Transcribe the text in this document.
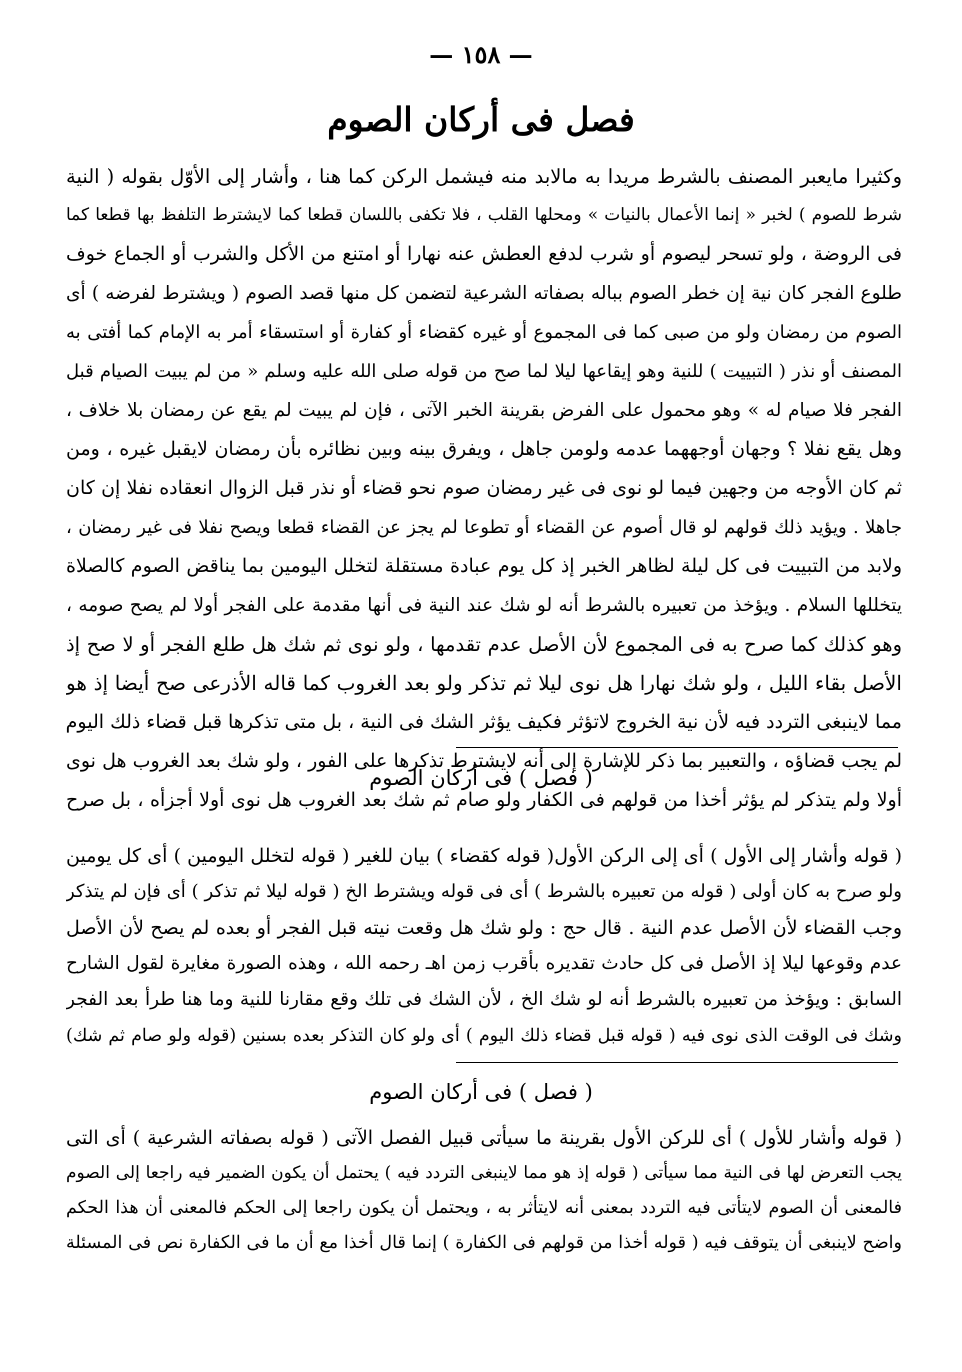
— ١٥٨ —
فصل فى أركان الصوم
وكثيرا مايعبر المصنف بالشرط مريدا به مالابد منه فيشمل الركن كما هنا ، وأشار إلى الأوّل بقوله ( النية
شرط للصوم ) لخبر « إنما الأعمال بالنيات » ومحلها القلب ، فلا تكفى باللسان قطعا كما لايشترط التلفظ بها قطعا كما
فى الروضة ، ولو تسحر ليصوم أو شرب لدفع العطش عنه نهارا أو امتنع من الأكل والشرب أو الجماع خوف
طلوع الفجر كان نية إن خطر الصوم بباله بصفاته الشرعية لتضمن كل منها قصد الصوم ( ويشترط لفرضه ) أى
الصوم من رمضان ولو من صبى كما فى المجموع أو غيره كقضاء أو كفارة أو استسقاء أمر به الإمام كما أفتى به
المصنف أو نذر ( التبييت ) للنية وهو إيقاعها ليلا لما صح من قوله صلى الله عليه وسلم « من لم يبيت الصيام قبل
الفجر فلا صيام له » وهو محمول على الفرض بقرينة الخبر الآتى ، فإن لم يبيت لم يقع عن رمضان بلا خلاف ،
وهل يقع نفلا ؟ وجهان أوجههما عدمه ولومن جاهل ، ويفرق بينه وبين نظائره بأن رمضان لايقبل غيره ، ومن
ثم كان الأوجه من وجهين فيما لو نوى فى غير رمضان صوم نحو قضاء أو نذر قبل الزوال انعقاده نفلا إن كان
جاهلا . ويؤيد ذلك قولهم لو قال أصوم عن القضاء أو تطوعا لم يجز عن القضاء قطعا ويصح نفلا فى غير رمضان ،
ولابد من التبييت فى كل ليلة لظاهر الخبر إذ كل يوم عبادة مستقلة لتخلل اليومين بما يناقض الصوم كالصلاة
يتخللها السلام . ويؤخذ من تعبيره بالشرط أنه لو شك عند النية فى أنها مقدمة على الفجر أولا لم يصح صومه ،
وهو كذلك كما صرح به فى المجموع لأن الأصل عدم تقدمها ، ولو نوى ثم شك هل طلع الفجر أو لا صح إذ
الأصل بقاء الليل ، ولو شك نهارا هل نوى ليلا ثم تذكر ولو بعد الغروب كما قاله الأذرعى صح أيضا إذ هو
مما لاينبغى التردد فيه لأن نية الخروج لاتؤثر فكيف يؤثر الشك فى النية ، بل متى تذكرها قبل قضاء ذلك اليوم
لم يجب قضاؤه ، والتعبير بما ذكر للإشارة إلى أنه لايشترط تذكرها على الفور ، ولو شك بعد الغروب هل نوى
أولا ولم يتذكر لم يؤثر أخذا من قولهم فى الكفار ولو صام ثم شك بعد الغروب هل نوى أولا أجزأه ، بل صرح
( فصل ) فى أركان الصوم
( قوله وأشار إلى الأول ) أى إلى الركن الأول( قوله كقضاء ) بيان للغير ( قوله لتخلل اليومين ) أى كل يومين
ولو صرح به كان أولى ( قوله من تعبيره بالشرط ) أى فى قوله ويشترط الخ ( قوله ليلا ثم تذكر ) أى فإن لم يتذكر
وجب القضاء لأن الأصل عدم النية . قال حج : ولو شك هل وقعت نيته قبل الفجر أو بعده لم يصح لأن الأصل
عدم وقوعها ليلا إذ الأصل فى كل حادث تقديره بأقرب زمن اهـ رحمه الله ، وهذه الصورة مغايرة لقول الشارح
السابق : ويؤخذ من تعبيره بالشرط أنه لو شك الخ ، لأن الشك فى تلك وقع مقارنا للنية وما هنا طرأ بعد الفجر
وشك فى الوقت الذى نوى فيه ( قوله قبل قضاء ذلك اليوم ) أى ولو كان التذكر بعده بسنين (قوله ولو صام ثم شك)
( فصل ) فى أركان الصوم
( قوله وأشار للأول ) أى للركن الأول بقرينة ما سيأتى قبيل الفصل الآتى ( قوله بصفاته الشرعية ) أى التى
يجب التعرض لها فى النية مما سيأتى ( قوله إذ هو مما لاينبغى التردد فيه ) يحتمل أن يكون الضمير فيه راجعا إلى الصوم
فالمعنى أن الصوم لايتأتى فيه التردد بمعنى أنه لايتأثر به ، ويحتمل أن يكون راجعا إلى الحكم فالمعنى أن هذا الحكم
واضح لاينبغى أن يتوقف فيه ( قوله أخذا من قولهم فى الكفارة ) إنما قال أخذا مع أن ما فى الكفارة نص فى المسئلة
